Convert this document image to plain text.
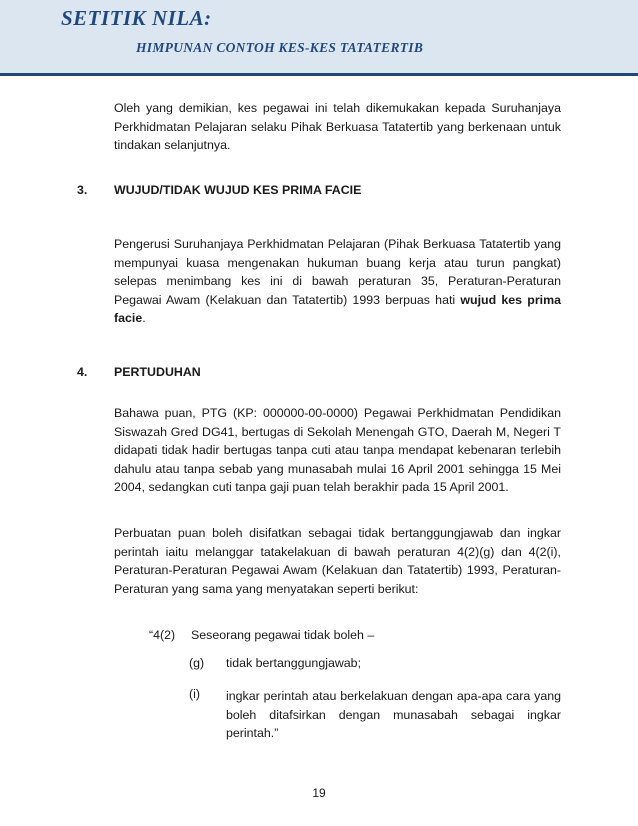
SETITIK NILA:
HIMPUNAN CONTOH KES-KES TATATERTIB
Oleh yang demikian, kes pegawai ini telah dikemukakan kepada Suruhanjaya Perkhidmatan Pelajaran selaku Pihak Berkuasa Tatatertib yang berkenaan untuk tindakan selanjutnya.
3. WUJUD/TIDAK WUJUD KES PRIMA FACIE
Pengerusi Suruhanjaya Perkhidmatan Pelajaran (Pihak Berkuasa Tatatertib yang mempunyai kuasa mengenakan hukuman buang kerja atau turun pangkat) selepas menimbang kes ini di bawah peraturan 35, Peraturan-Peraturan Pegawai Awam (Kelakuan dan Tatatertib) 1993 berpuas hati wujud kes prima facie.
4. PERTUDUHAN
Bahawa puan, PTG (KP: 000000-00-0000) Pegawai Perkhidmatan Pendidikan Siswazah Gred DG41, bertugas di Sekolah Menengah GTO, Daerah M, Negeri T didapati tidak hadir bertugas tanpa cuti atau tanpa mendapat kebenaran terlebih dahulu atau tanpa sebab yang munasabah mulai 16 April 2001 sehingga 15 Mei 2004, sedangkan cuti tanpa gaji puan telah berakhir pada 15 April 2001.
Perbuatan puan boleh disifatkan sebagai tidak bertanggungjawab dan ingkar perintah iaitu melanggar tatakelakuan di bawah peraturan 4(2)(g) dan 4(2(i), Peraturan-Peraturan Pegawai Awam (Kelakuan dan Tatatertib) 1993, Peraturan-Peraturan yang sama yang menyatakan seperti berikut:
“4(2) Seseorang pegawai tidak boleh –
(g) tidak bertanggungjawab;
(i) ingkar perintah atau berkelakuan dengan apa-apa cara yang boleh ditafsirkan dengan munasabah sebagai ingkar perintah.”
19
